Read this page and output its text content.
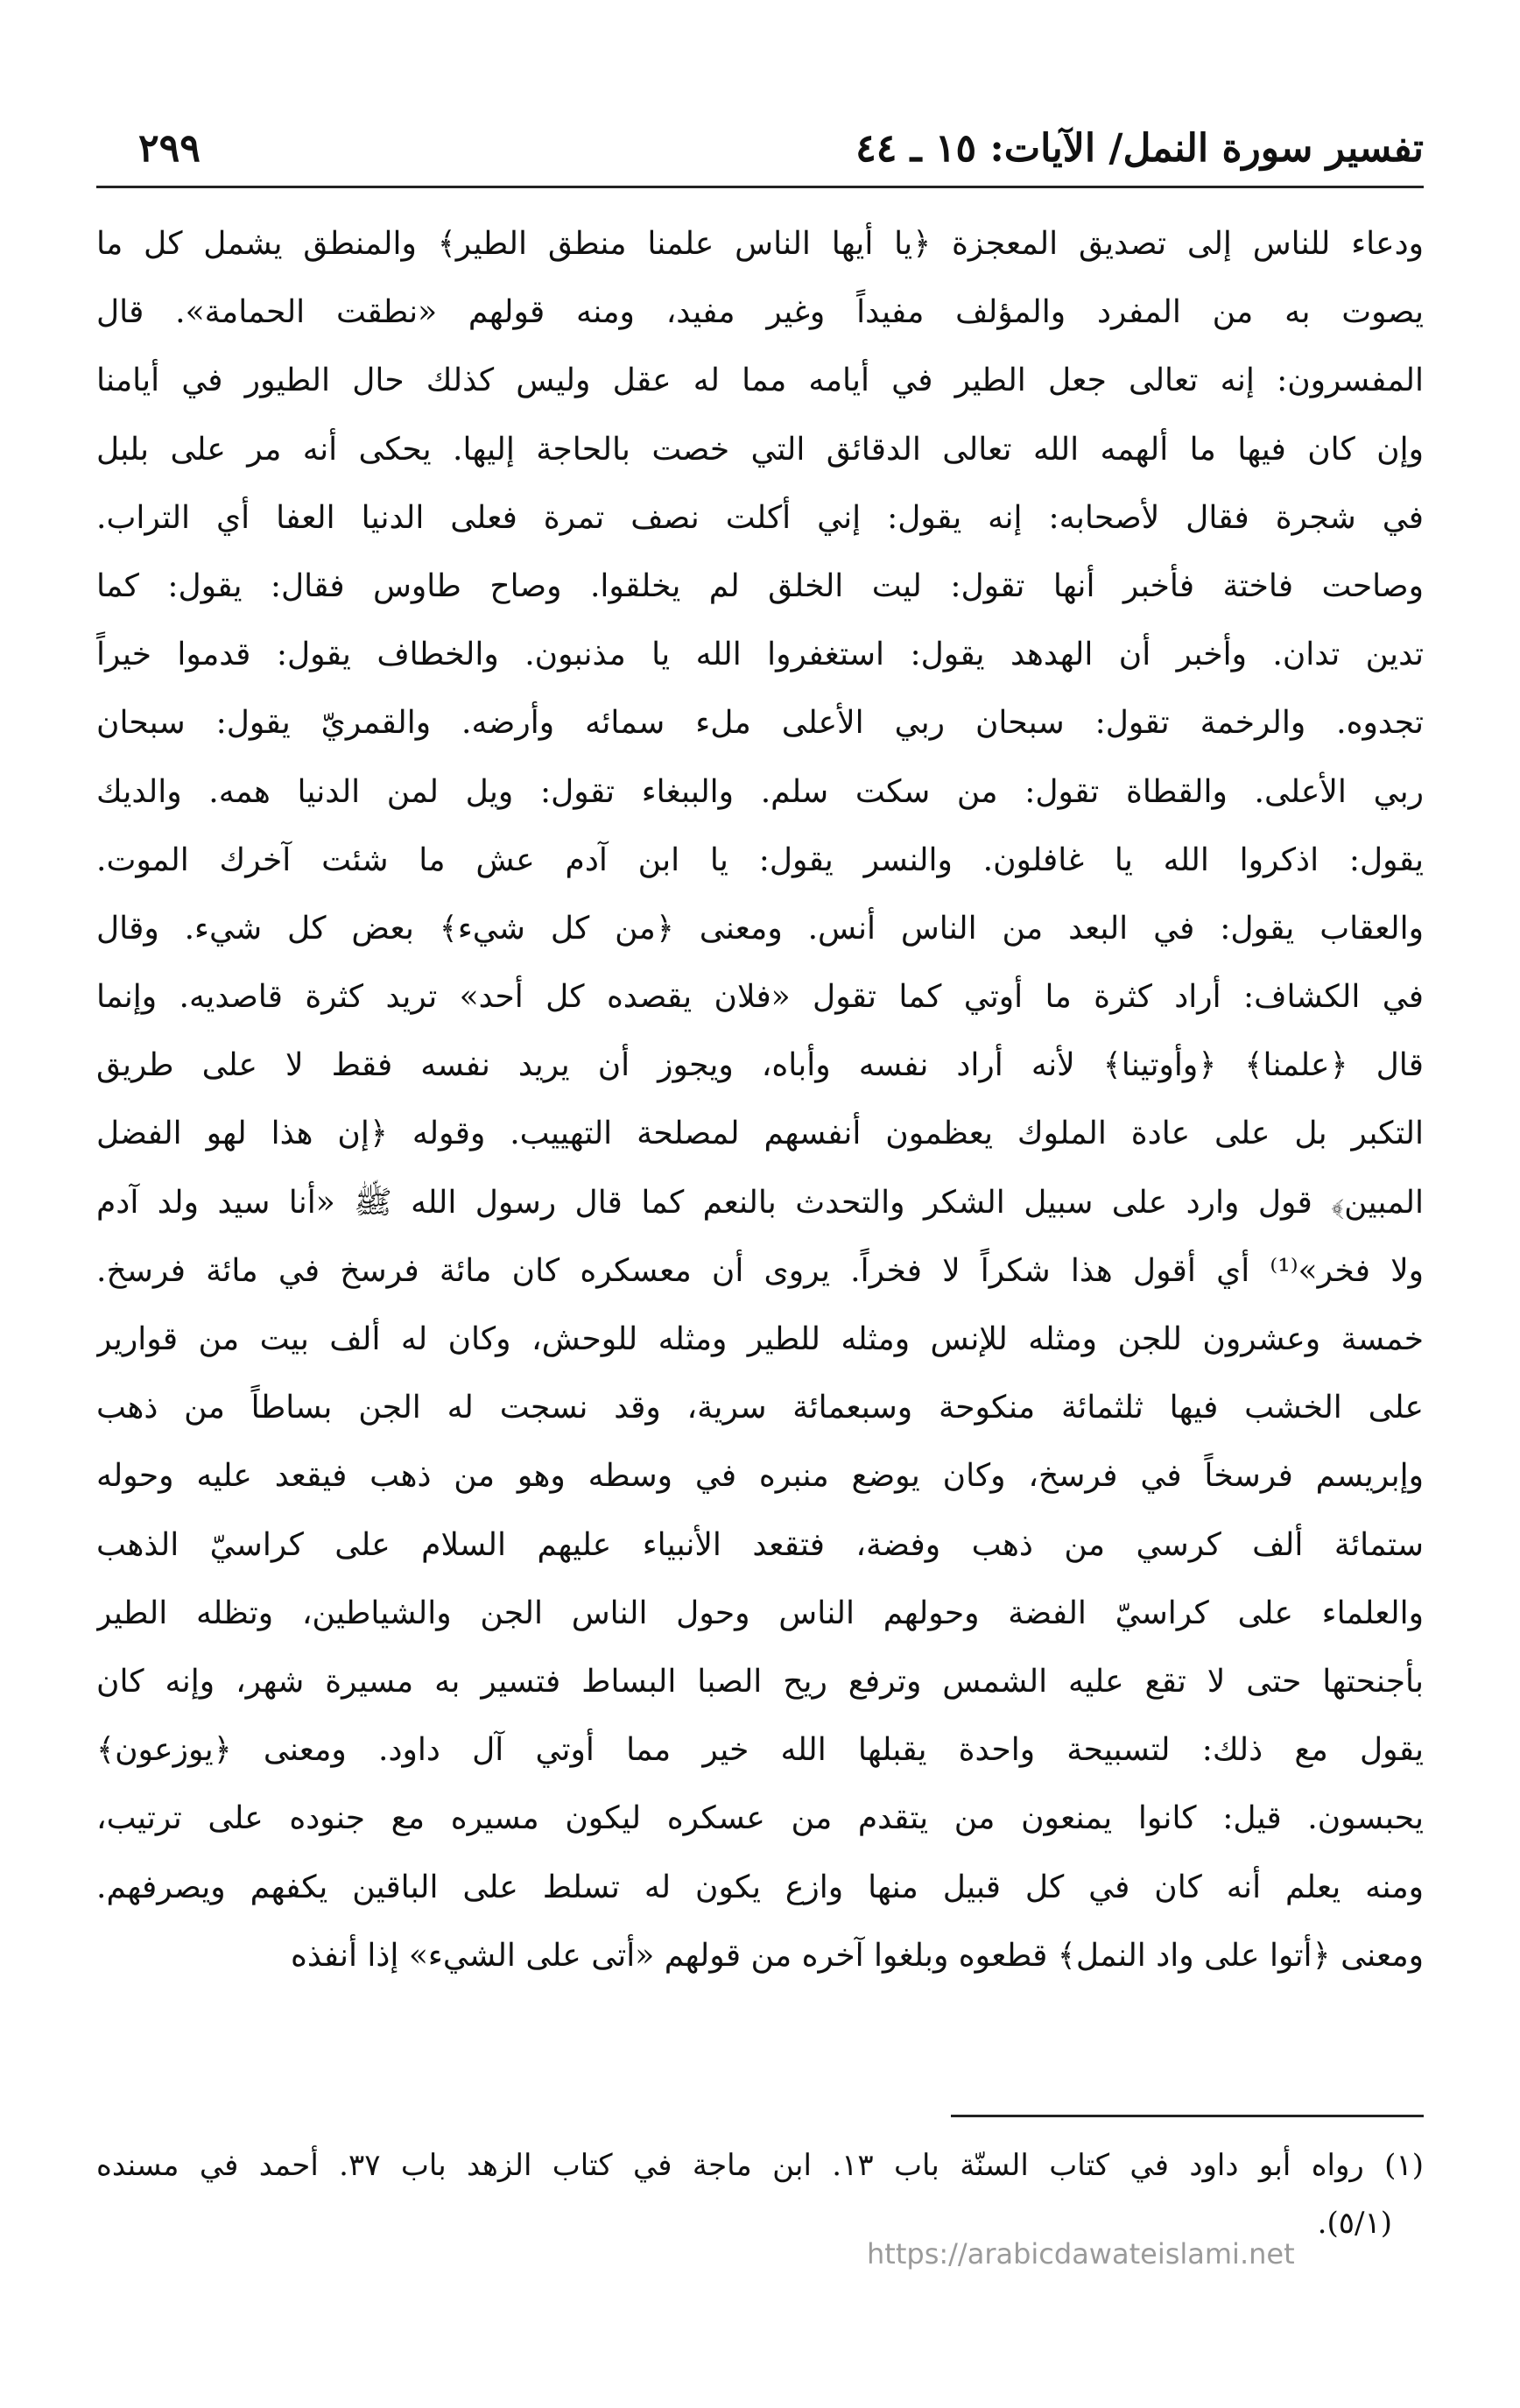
تفسير سورة النمل/ الآيات: ١٥ ـ ٤٤
٢٩٩
ودعاء للناس إلى تصديق المعجزة ﴿يا أيها الناس علمنا منطق الطير﴾ والمنطق يشمل كل ما
يصوت به من المفرد والمؤلف مفيداً وغير مفيد، ومنه قولهم «نطقت الحمامة». قال
المفسرون: إنه تعالى جعل الطير في أيامه مما له عقل وليس كذلك حال الطيور في أيامنا
وإن كان فيها ما ألهمه الله تعالى الدقائق التي خصت بالحاجة إليها. يحكى أنه مر على بلبل
في شجرة فقال لأصحابه: إنه يقول: إني أكلت نصف تمرة فعلى الدنيا العفا أي التراب.
وصاحت فاختة فأخبر أنها تقول: ليت الخلق لم يخلقوا. وصاح طاوس فقال: يقول: كما
تدين تدان. وأخبر أن الهدهد يقول: استغفروا الله يا مذنبون. والخطاف يقول: قدموا خيراً
تجدوه. والرخمة تقول: سبحان ربي الأعلى ملء سمائه وأرضه. والقمريّ يقول: سبحان
ربي الأعلى. والقطاة تقول: من سكت سلم. والببغاء تقول: ويل لمن الدنيا همه. والديك
يقول: اذكروا الله يا غافلون. والنسر يقول: يا ابن آدم عش ما شئت آخرك الموت.
والعقاب يقول: في البعد من الناس أنس. ومعنى ﴿من كل شيء﴾ بعض كل شيء. وقال
في الكشاف: أراد كثرة ما أوتي كما تقول «فلان يقصده كل أحد» تريد كثرة قاصديه. وإنما
قال ﴿علمنا﴾ ﴿وأوتينا﴾ لأنه أراد نفسه وأباه، ويجوز أن يريد نفسه فقط لا على طريق
التكبر بل على عادة الملوك يعظمون أنفسهم لمصلحة التهييب. وقوله ﴿إن هذا لهو الفضل
المبين﴾ قول وارد على سبيل الشكر والتحدث بالنعم كما قال رسول الله ﷺ «أنا سيد ولد آدم
ولا فخر»⁽¹⁾ أي أقول هذا شكراً لا فخراً. يروى أن معسكره كان مائة فرسخ في مائة فرسخ.
خمسة وعشرون للجن ومثله للإنس ومثله للطير ومثله للوحش، وكان له ألف بيت من قوارير
على الخشب فيها ثلثمائة منكوحة وسبعمائة سرية، وقد نسجت له الجن بساطاً من ذهب
وإبريسم فرسخاً في فرسخ، وكان يوضع منبره في وسطه وهو من ذهب فيقعد عليه وحوله
ستمائة ألف كرسي من ذهب وفضة، فتقعد الأنبياء عليهم السلام على كراسيّ الذهب
والعلماء على كراسيّ الفضة وحولهم الناس وحول الناس الجن والشياطين، وتظله الطير
بأجنحتها حتى لا تقع عليه الشمس وترفع ريح الصبا البساط فتسير به مسيرة شهر، وإنه كان
يقول مع ذلك: لتسبيحة واحدة يقبلها الله خير مما أوتي آل داود. ومعنى ﴿يوزعون﴾
يحبسون. قيل: كانوا يمنعون من يتقدم من عسكره ليكون مسيره مع جنوده على ترتيب،
ومنه يعلم أنه كان في كل قبيل منها وازع يكون له تسلط على الباقين يكفهم ويصرفهم.
ومعنى ﴿أتوا على واد النمل﴾ قطعوه وبلغوا آخره من قولهم «أتى على الشيء» إذا أنفذه
(١) رواه أبو داود في كتاب السنّة باب ١٣. ابن ماجة في كتاب الزهد باب ٣٧. أحمد في مسنده
(٥/١).
https://arabicdawateislami.net
